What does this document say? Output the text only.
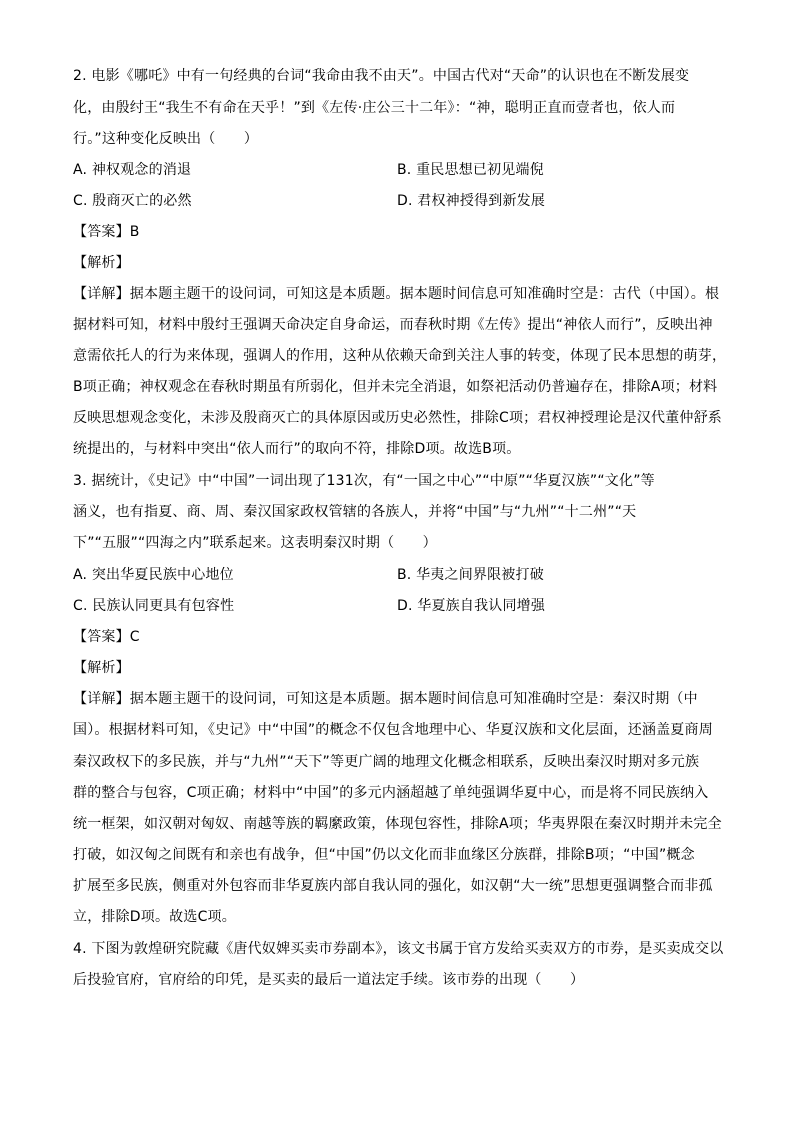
2. 电影《哪吒》中有一句经典的台词“我命由我不由天”。中国古代对“天命”的认识也在不断发展变
化，由殷纣王“我生不有命在天乎！”到《左传·庄公三十二年》：“神，聪明正直而壹者也，依人而
行。”这种变化反映出（　　）
A. 神权观念的消退	B. 重民思想已初见端倪
C. 殷商灭亡的必然	D. 君权神授得到新发展
【答案】B
【解析】
【详解】据本题主题干的设问词，可知这是本质题。据本题时间信息可知准确时空是：古代（中国）。根
据材料可知，材料中殷纣王强调天命决定自身命运，而春秋时期《左传》提出“神依人而行”，反映出神
意需依托人的行为来体现，强调人的作用，这种从依赖天命到关注人事的转变，体现了民本思想的萌芽，
B项正确；神权观念在春秋时期虽有所弱化，但并未完全消退，如祭祀活动仍普遍存在，排除A项；材料
反映思想观念变化，未涉及殷商灭亡的具体原因或历史必然性，排除C项；君权神授理论是汉代董仲舒系
统提出的，与材料中突出“依人而行”的取向不符，排除D项。故选B项。
3. 据统计，《史记》中“中国”一词出现了131次，有“一国之中心”“中原”“华夏汉族”“文化”等
涵义，也有指夏、商、周、秦汉国家政权管辖的各族人，并将“中国”与“九州”“十二州”“天
下”“五服”“四海之内”联系起来。这表明秦汉时期（　　）
A. 突出华夏民族中心地位	B. 华夷之间界限被打破
C. 民族认同更具有包容性	D. 华夏族自我认同增强
【答案】C
【解析】
【详解】据本题主题干的设问词，可知这是本质题。据本题时间信息可知准确时空是：秦汉时期（中
国）。根据材料可知，《史记》中“中国”的概念不仅包含地理中心、华夏汉族和文化层面，还涵盖夏商周
秦汉政权下的多民族，并与“九州”“天下”等更广阔的地理文化概念相联系，反映出秦汉时期对多元族
群的整合与包容，C项正确；材料中“中国”的多元内涵超越了单纯强调华夏中心，而是将不同民族纳入
统一框架，如汉朝对匈奴、南越等族的羁縻政策，体现包容性，排除A项；华夷界限在秦汉时期并未完全
打破，如汉匈之间既有和亲也有战争，但“中国”仍以文化而非血缘区分族群，排除B项；“中国”概念
扩展至多民族，侧重对外包容而非华夏族内部自我认同的强化，如汉朝“大一统”思想更强调整合而非孤
立，排除D项。故选C项。
4. 下图为敦煌研究院藏《唐代奴婢买卖市券副本》，该文书属于官方发给买卖双方的市券，是买卖成交以
后投验官府，官府给的印凭，是买卖的最后一道法定手续。该市券的出现（　　）
